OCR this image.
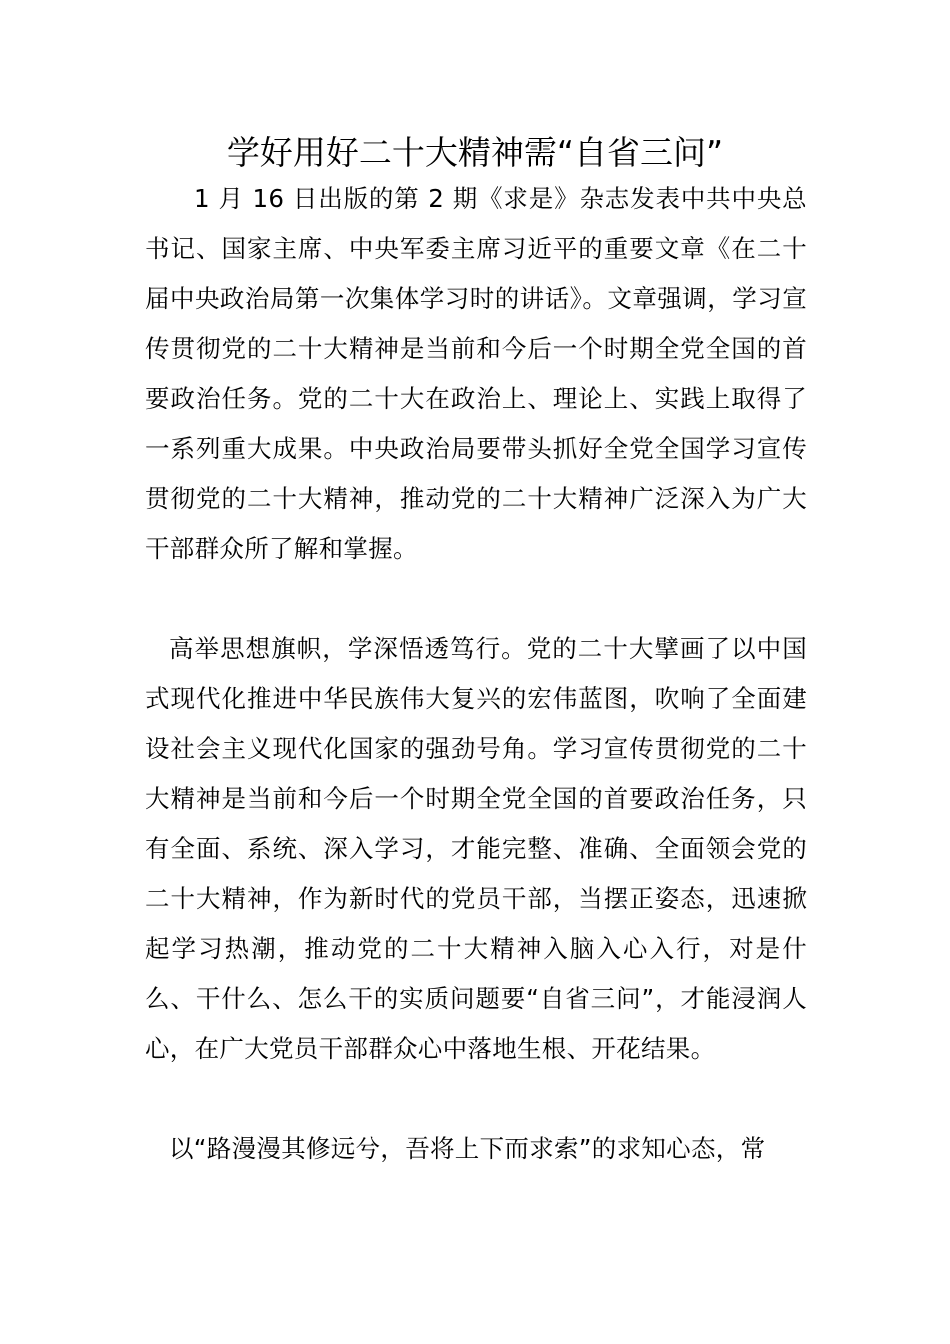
学好用好二十大精神需“自省三问”

1 月 16 日出版的第 2 期《求是》杂志发表中共中央总书记、国家主席、中央军委主席习近平的重要文章《在二十届中央政治局第一次集体学习时的讲话》。文章强调，学习宣传贯彻党的二十大精神是当前和今后一个时期全党全国的首要政治任务。党的二十大在政治上、理论上、实践上取得了一系列重大成果。中央政治局要带头抓好全党全国学习宣传贯彻党的二十大精神，推动党的二十大精神广泛深入为广大干部群众所了解和掌握。

高举思想旗帜，学深悟透笃行。党的二十大擘画了以中国式现代化推进中华民族伟大复兴的宏伟蓝图，吹响了全面建设社会主义现代化国家的强劲号角。学习宣传贯彻党的二十大精神是当前和今后一个时期全党全国的首要政治任务，只有全面、系统、深入学习，才能完整、准确、全面领会党的二十大精神，作为新时代的党员干部，当摆正姿态，迅速掀起学习热潮，推动党的二十大精神入脑入心入行，对是什么、干什么、怎么干的实质问题要“自省三问”，才能浸润人心，在广大党员干部群众心中落地生根、开花结果。

以“路漫漫其修远兮，吾将上下而求索”的求知心态，常
